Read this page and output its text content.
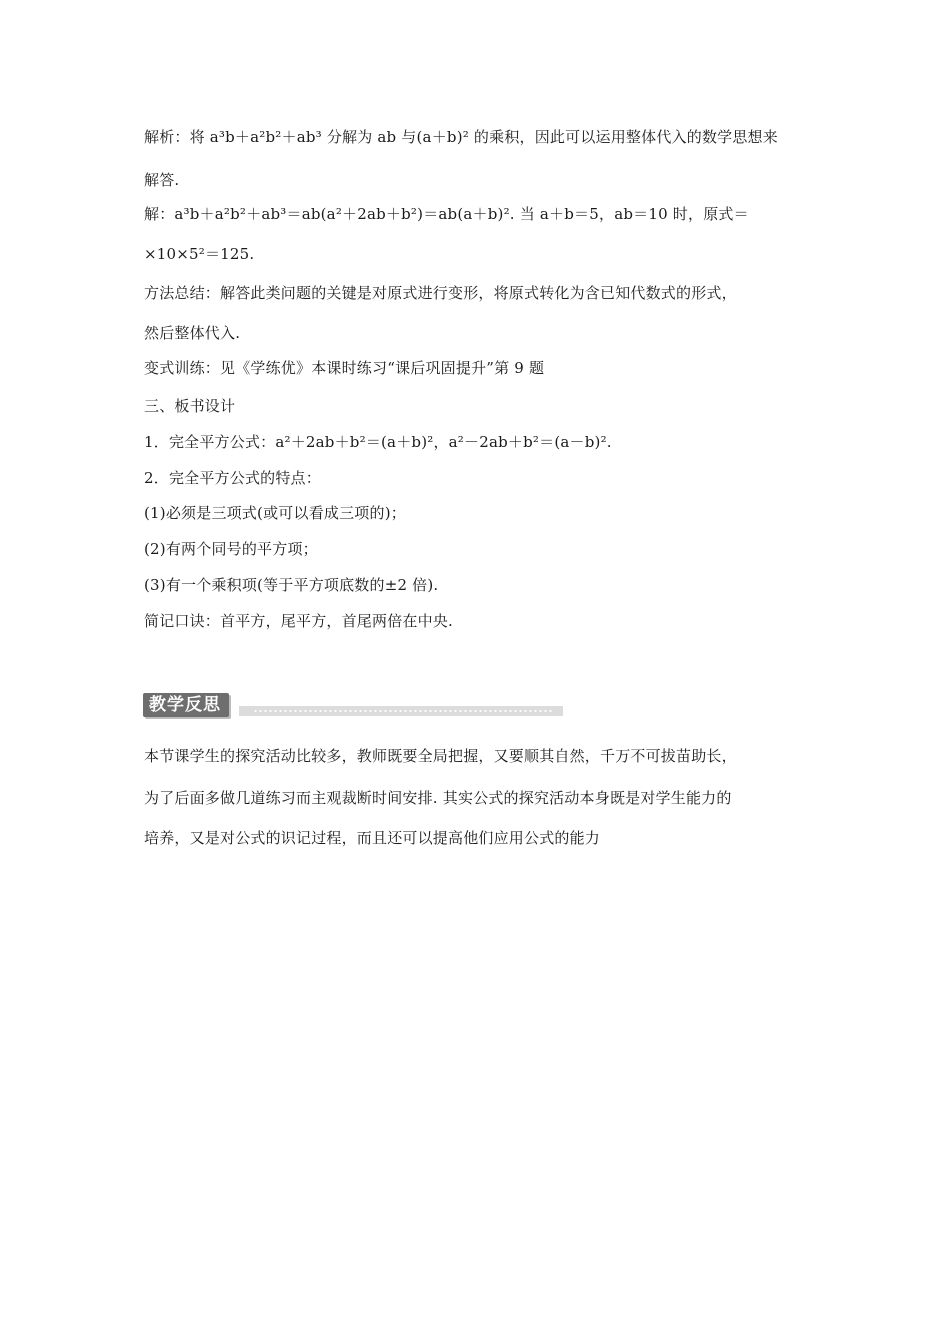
解析：将 a³b＋a²b²＋ab³ 分解为 ab 与(a＋b)² 的乘积，因此可以运用整体代入的数学思想来
解答.
解：a³b＋a²b²＋ab³＝ab(a²＋2ab＋b²)＝ab(a＋b)². 当 a＋b＝5，ab＝10 时，原式＝
×10×5²＝125.
方法总结：解答此类问题的关键是对原式进行变形，将原式转化为含已知代数式的形式，
然后整体代入.
变式训练：见《学练优》本课时练习“课后巩固提升”第 9 题
三、板书设计
1．完全平方公式：a²＋2ab＋b²＝(a＋b)²，a²－2ab＋b²＝(a－b)².
2．完全平方公式的特点：
(1)必须是三项式(或可以看成三项的)；
(2)有两个同号的平方项；
(3)有一个乘积项(等于平方项底数的±2 倍).
简记口诀：首平方，尾平方，首尾两倍在中央.
教学反思
本节课学生的探究活动比较多，教师既要全局把握，又要顺其自然，千万不可拔苗助长，
为了后面多做几道练习而主观裁断时间安排. 其实公式的探究活动本身既是对学生能力的
培养，又是对公式的识记过程，而且还可以提高他们应用公式的能力
